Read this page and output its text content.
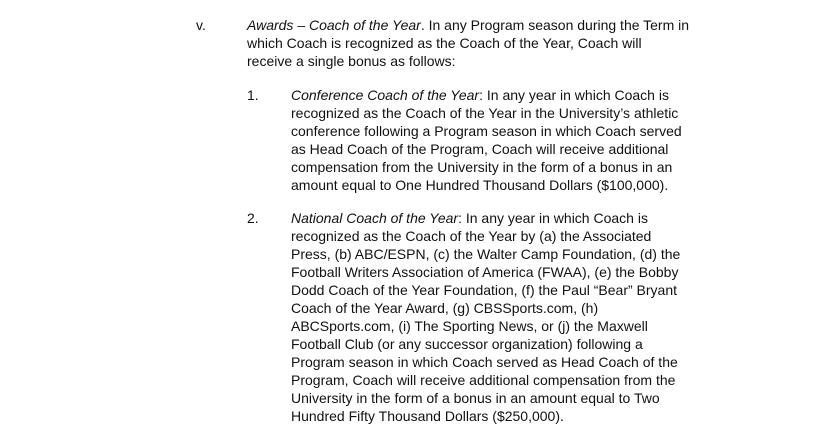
v.	Awards – Coach of the Year. In any Program season during the Term in
which Coach is recognized as the Coach of the Year, Coach will
receive a single bonus as follows:
1. Conference Coach of the Year: In any year in which Coach is
recognized as the Coach of the Year in the University’s athletic
conference following a Program season in which Coach served
as Head Coach of the Program, Coach will receive additional
compensation from the University in the form of a bonus in an
amount equal to One Hundred Thousand Dollars ($100,000).
2. National Coach of the Year: In any year in which Coach is
recognized as the Coach of the Year by (a) the Associated
Press, (b) ABC/ESPN, (c) the Walter Camp Foundation, (d) the
Football Writers Association of America (FWAA), (e) the Bobby
Dodd Coach of the Year Foundation, (f) the Paul “Bear” Bryant
Coach of the Year Award, (g) CBSSports.com, (h)
ABCSports.com, (i) The Sporting News, or (j) the Maxwell
Football Club (or any successor organization) following a
Program season in which Coach served as Head Coach of the
Program, Coach will receive additional compensation from the
University in the form of a bonus in an amount equal to Two
Hundred Fifty Thousand Dollars ($250,000).
